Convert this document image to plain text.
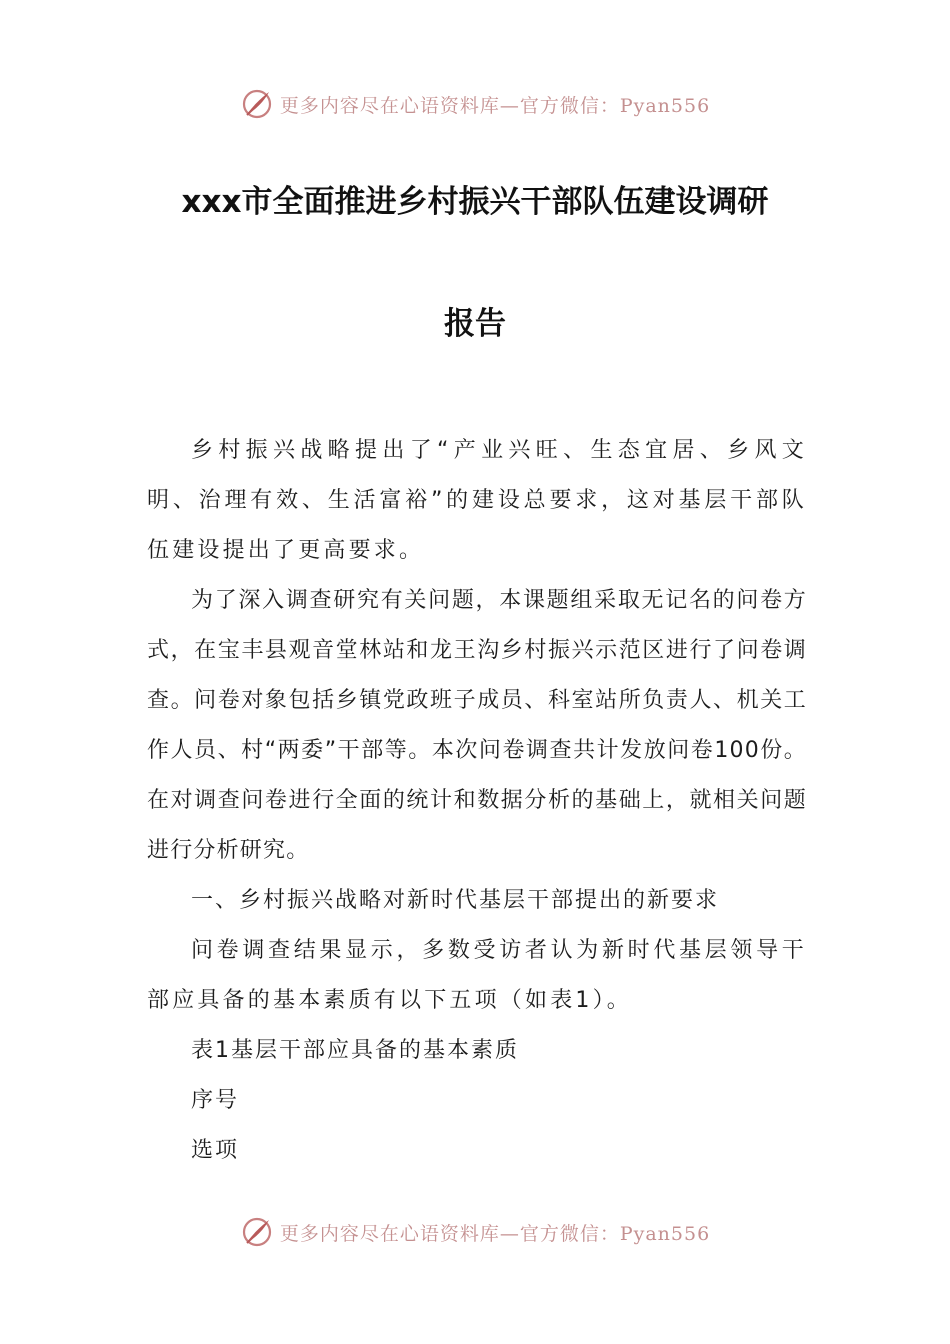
更多内容尽在心语资料库—官方微信：Pyan556
xxx市全面推进乡村振兴干部队伍建设调研
报告

乡村振兴战略提出了“产业兴旺、生态宜居、乡风文明、治理有效、生活富裕”的建设总要求，这对基层干部队伍建设提出了更高要求。

为了深入调查研究有关问题，本课题组采取无记名的问卷方式，在宝丰县观音堂林站和龙王沟乡村振兴示范区进行了问卷调查。问卷对象包括乡镇党政班子成员、科室站所负责人、机关工作人员、村“两委”干部等。本次问卷调查共计发放问卷100份。在对调查问卷进行全面的统计和数据分析的基础上，就相关问题进行分析研究。

一、乡村振兴战略对新时代基层干部提出的新要求

问卷调查结果显示，多数受访者认为新时代基层领导干部应具备的基本素质有以下五项（如表1）。

表1基层干部应具备的基本素质

序号

选项

更多内容尽在心语资料库—官方微信：Pyan556
